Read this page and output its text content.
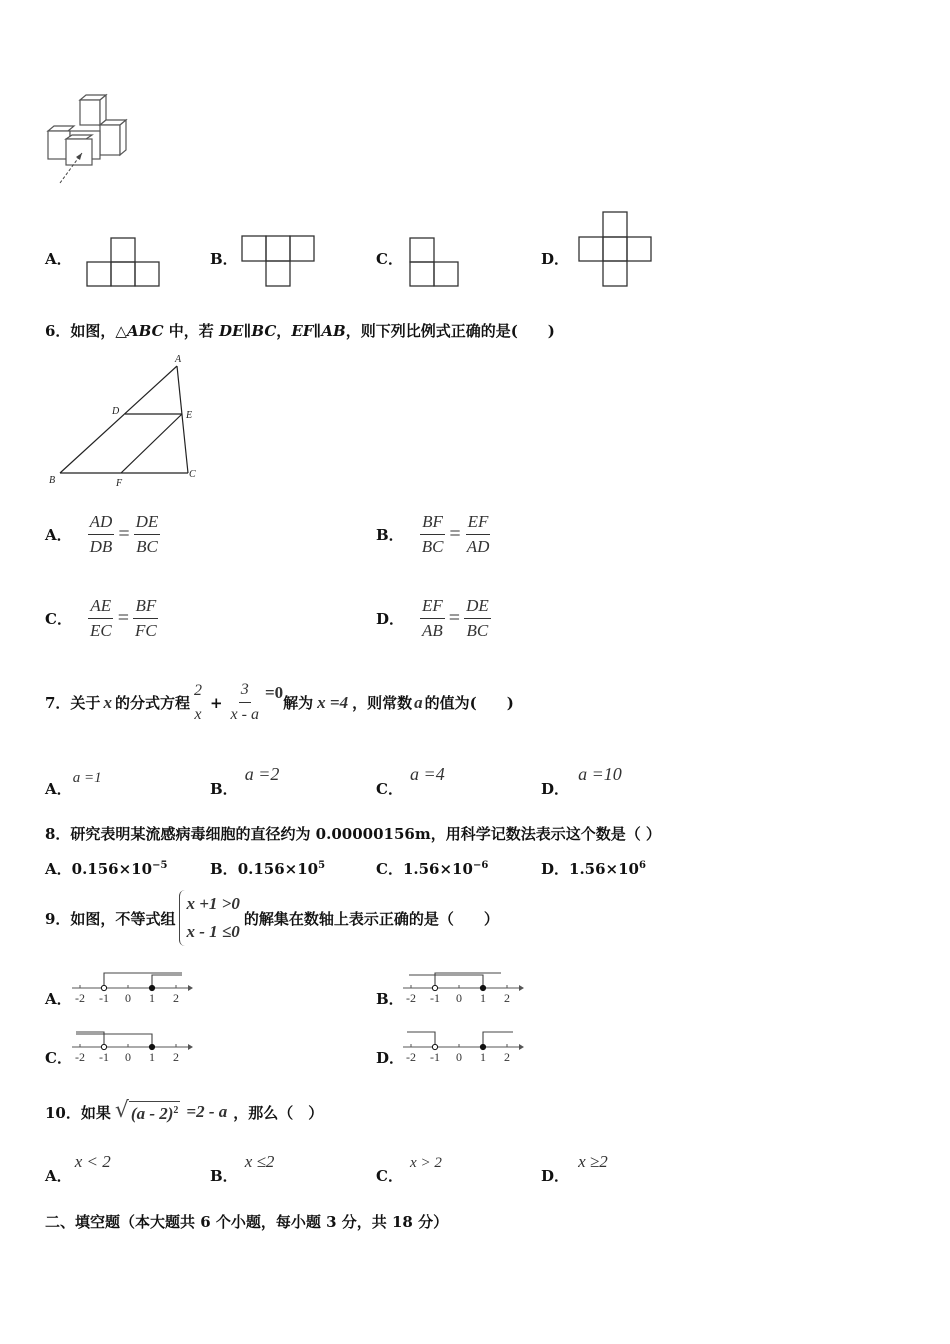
A．	B．	C．	D．
6．如图，△ABC 中，若 DE∥BC，EF∥AB，则下列比例式正确的是(　　)
A
D	E
B	F
C
A． $\frac{AD}{DB} = \frac{DE}{BC}$	B． $\frac{BF}{BC} = \frac{EF}{AD}$
C． $\frac{AE}{EC} = \frac{BF}{FC}$	D． $\frac{EF}{AB} = \frac{DE}{BC}$
7．关于 x 的分式方程
2
x
+ $\frac{3}{x - a} =0$
解为 x =4 ，则常数 a 的值为(　　)
A． a =1
B． a =2
C． a =4
D． a =10
8．研究表明某流感病毒细胞的直径约为 0.00000156m，用科学记数法表示这个数是（ ）
A．$0.156\times 10^{-5}$	B．$0.156\times 10^5$	C．$1.56\times 10^{-6}$	D．$1.56\times 10^6$
9．如图，不等式组
x +1 >0
x - 1 ≤0
的解集在数轴上表示正确的是（　　）
A． -2 -1 0 1 2	B． -2 -1 0 1 2
C． -2 -1 0 1 2	D． -2 -1 0 1 2
10．如果 √ (a - 2)$^2$ =2 - a ，那么（　）
A． x < 2
B． x ≤2
C． x > 2
D． x ≥2
二、填空题（本大题共 6 个小题，每小题 3 分，共 18 分）
